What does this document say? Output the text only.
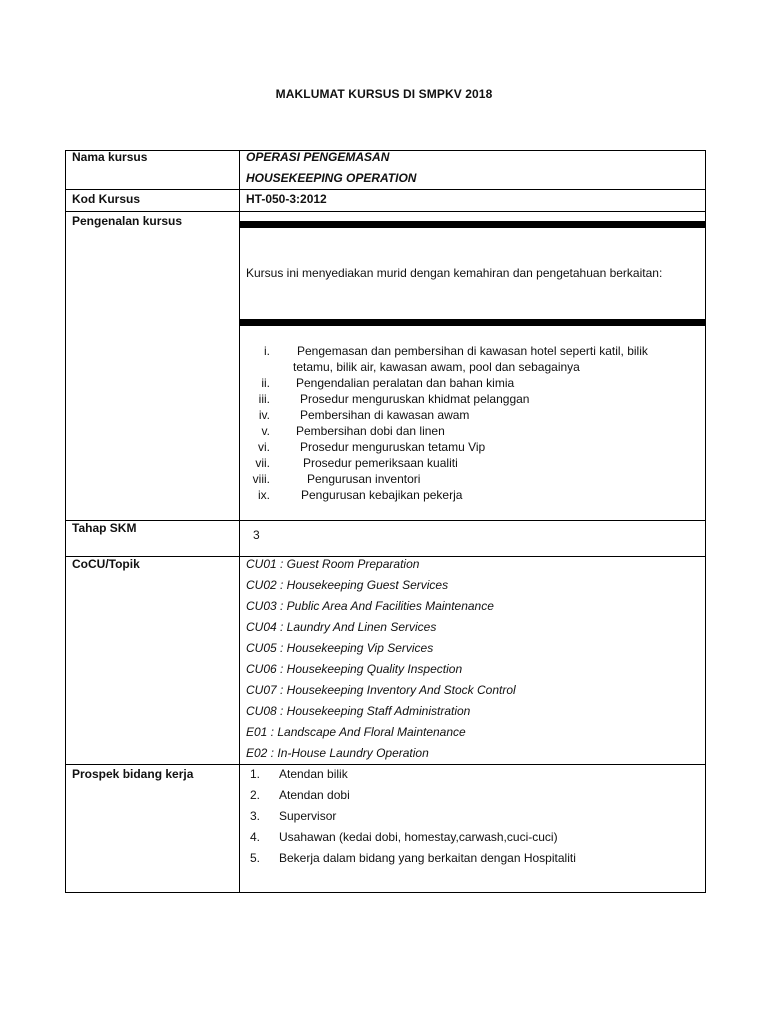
MAKLUMAT KURSUS DI SMPKV 2018
Nama kursus	OPERASI PENGEMASAN
HOUSEKEEPING OPERATION
Kod Kursus	HT-050-3:2012
Pengenalan kursus
Kursus ini menyediakan murid dengan kemahiran dan pengetahuan berkaitan:
i. Pengemasan dan pembersihan di kawasan hotel seperti katil, bilik
tetamu, bilik air, kawasan awam, pool dan sebagainya
ii. Pengendalian peralatan dan bahan kimia
iii.	Prosedur menguruskan khidmat pelanggan
iv.	Pembersihan di kawasan awam
v. Pembersihan dobi dan linen
vi.	Prosedur menguruskan tetamu Vip
vii.	Prosedur pemeriksaan kualiti
viii.	Pengurusan inventori
ix.	Pengurusan kebajikan pekerja
Tahap SKM	3
CoCU/Topik	CU01 : Guest Room Preparation
CU02 : Housekeeping Guest Services
CU03 : Public Area And Facilities Maintenance
CU04 : Laundry And Linen Services
CU05 : Housekeeping Vip Services
CU06 : Housekeeping Quality Inspection
CU07 : Housekeeping Inventory And Stock Control
CU08 : Housekeeping Staff Administration
E01 : Landscape And Floral Maintenance
E02 : In-House Laundry Operation
Prospek bidang kerja	1. Atendan bilik
2. Atendan dobi
3. Supervisor
4. Usahawan (kedai dobi, homestay,carwash,cuci-cuci)
5. Bekerja dalam bidang yang berkaitan dengan Hospitaliti
